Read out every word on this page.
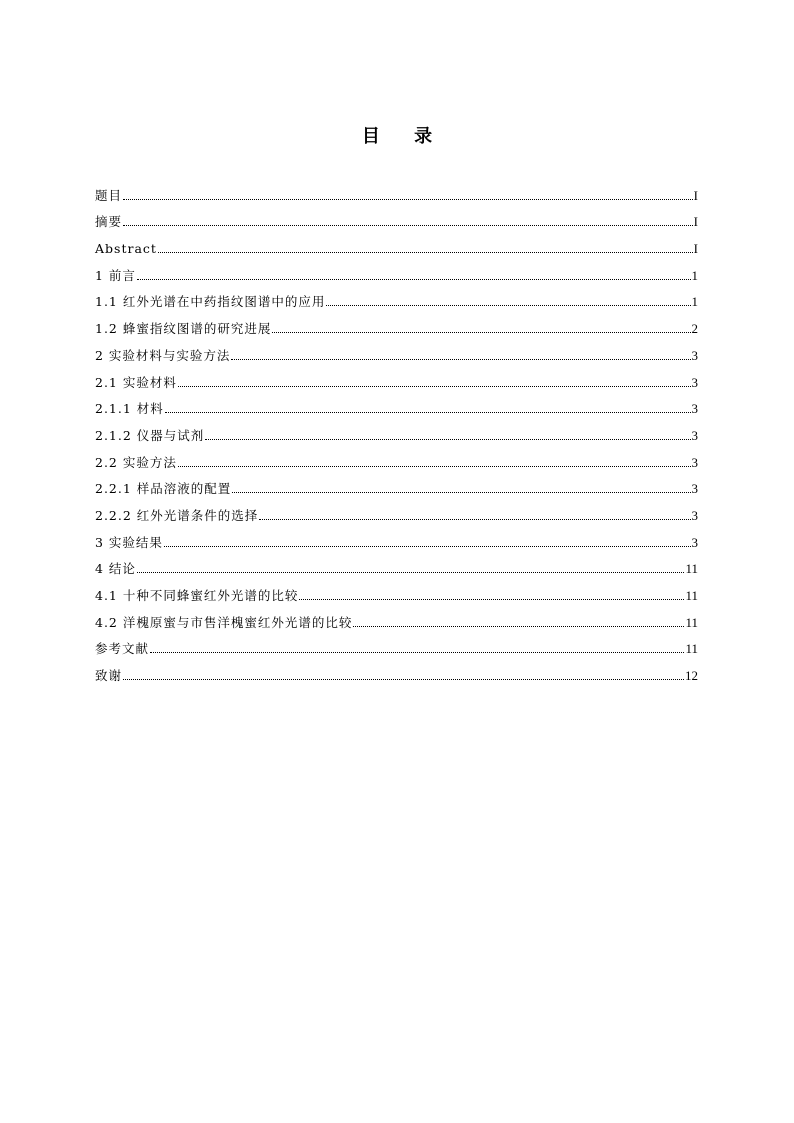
目 录
题目	I
摘要	I
Abstract	I
1 前言	1
1.1 红外光谱在中药指纹图谱中的应用	1
1.2 蜂蜜指纹图谱的研究进展	2
2 实验材料与实验方法	3
2.1 实验材料	3
2.1.1 材料	3
2.1.2 仪器与试剂	3
2.2 实验方法	3
2.2.1 样品溶液的配置	3
2.2.2 红外光谱条件的选择	3
3 实验结果	3
4 结论	11
4.1 十种不同蜂蜜红外光谱的比较	11
4.2 洋槐原蜜与市售洋槐蜜红外光谱的比较	11
参考文献	11
致谢	12
